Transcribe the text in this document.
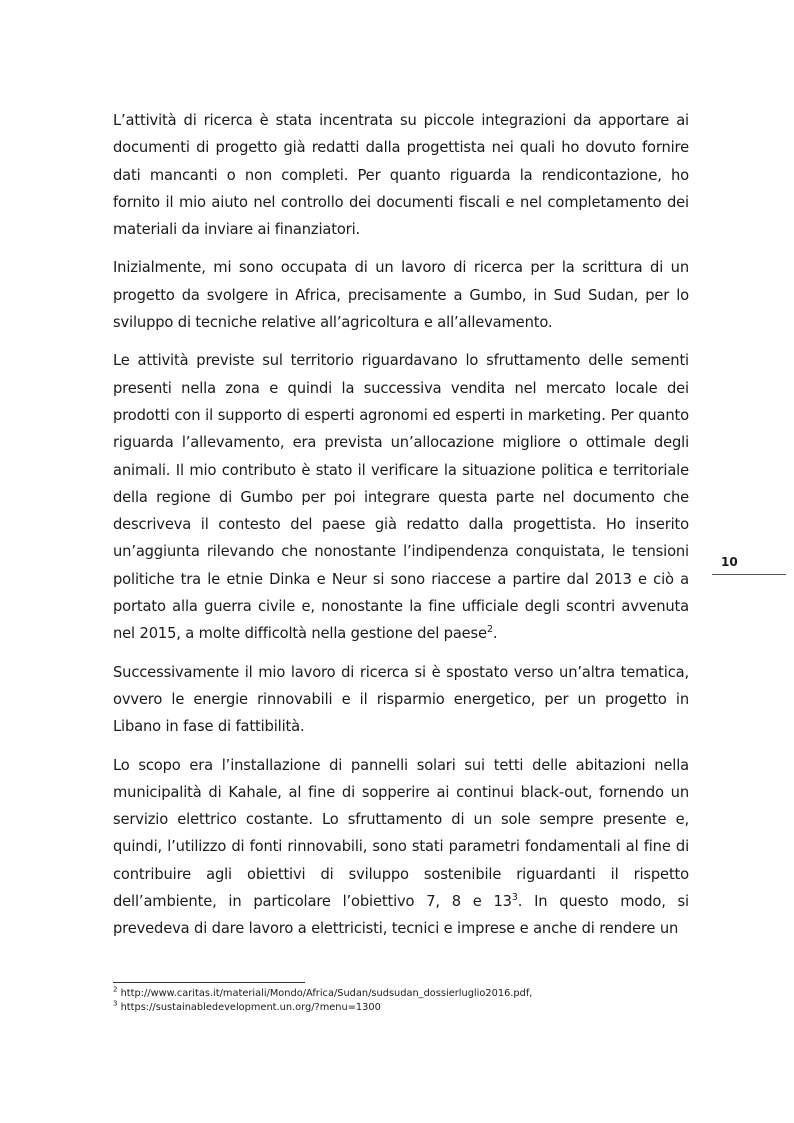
L’attività di ricerca è stata incentrata su piccole integrazioni da apportare ai documenti di progetto già redatti dalla progettista nei quali ho dovuto fornire dati mancanti o non completi. Per quanto riguarda la rendicontazione, ho fornito il mio aiuto nel controllo dei documenti fiscali e nel completamento dei materiali da inviare ai finanziatori.

Inizialmente, mi sono occupata di un lavoro di ricerca per la scrittura di un progetto da svolgere in Africa, precisamente a Gumbo, in Sud Sudan, per lo sviluppo di tecniche relative all’agricoltura e all’allevamento.

Le attività previste sul territorio riguardavano lo sfruttamento delle sementi presenti nella zona e quindi la successiva vendita nel mercato locale dei prodotti con il supporto di esperti agronomi ed esperti in marketing. Per quanto riguarda l’allevamento, era prevista un’allocazione migliore o ottimale degli animali. Il mio contributo è stato il verificare la situazione politica e territoriale della regione di Gumbo per poi integrare questa parte nel documento che descriveva il contesto del paese già redatto dalla progettista. Ho inserito un’aggiunta rilevando che nonostante l’indipendenza conquistata, le tensioni politiche tra le etnie Dinka e Neur si sono riaccese a partire dal 2013 e ciò a portato alla guerra civile e, nonostante la fine ufficiale degli scontri avvenuta nel 2015, a molte difficoltà nella gestione del paese$^2$.

Successivamente il mio lavoro di ricerca si è spostato verso un’altra tematica, ovvero le energie rinnovabili e il risparmio energetico, per un progetto in Libano in fase di fattibilità.

Lo scopo era l’installazione di pannelli solari sui tetti delle abitazioni nella municipalità di Kahale, al fine di sopperire ai continui black-out, fornendo un servizio elettrico costante. Lo sfruttamento di un sole sempre presente e, quindi, l’utilizzo di fonti rinnovabili, sono stati parametri fondamentali al fine di contribuire agli obiettivi di sviluppo sostenibile riguardanti il rispetto dell’ambiente, in particolare l’obiettivo 7, 8 e 13$^3$. In questo modo, si prevedeva di dare lavoro a elettricisti, tecnici e imprese e anche di rendere un

10
$^2$ http://www.caritas.it/materiali/Mondo/Africa/Sudan/sudsudan_dossierluglio2016.pdf,
$^3$ https://sustainabledevelopment.un.org/?menu=1300
